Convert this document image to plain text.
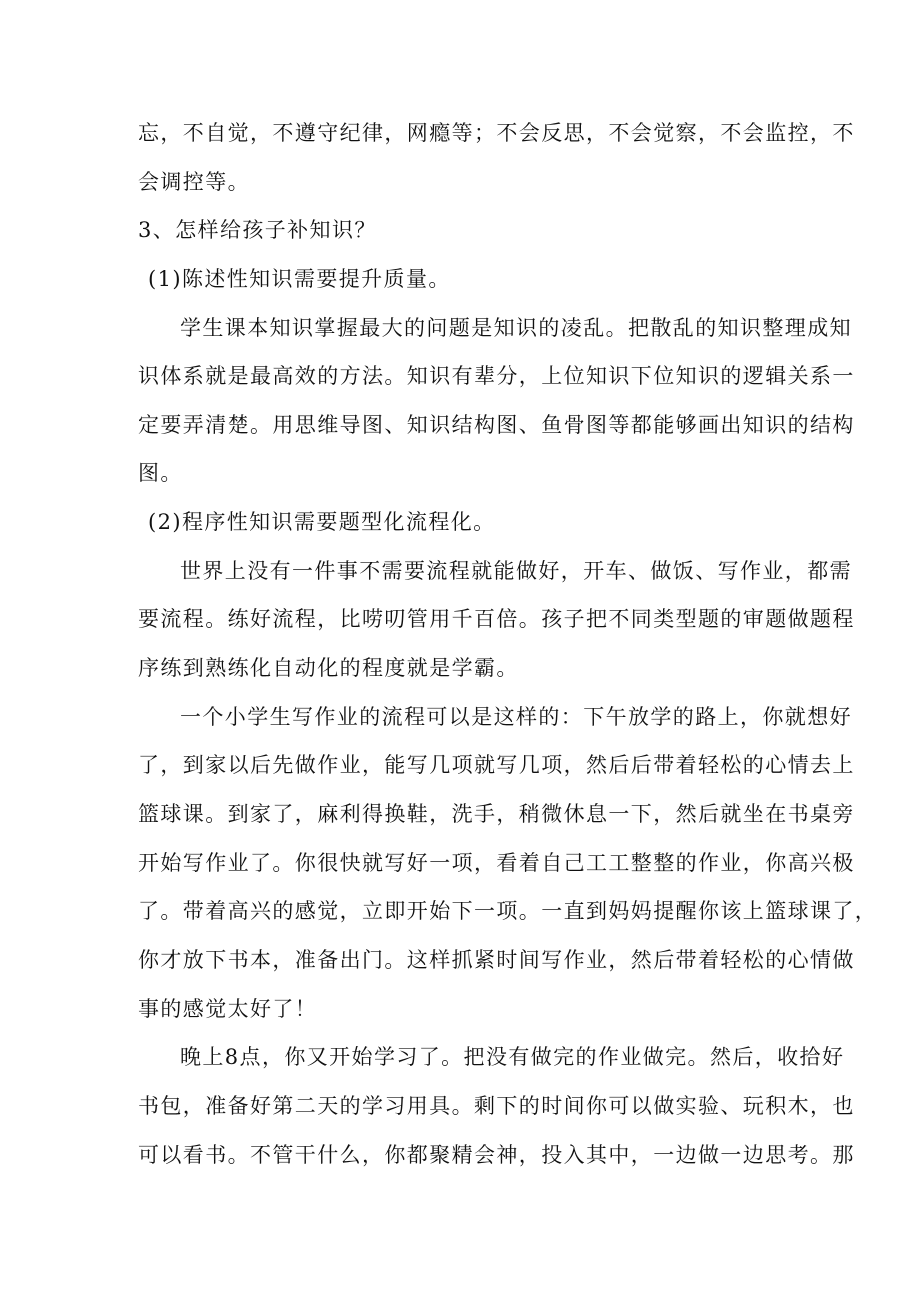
忘，不自觉，不遵守纪律，网瘾等；不会反思，不会觉察，不会监控，不
会调控等。
3、怎样给孩子补知识？
(1)陈述性知识需要提升质量。
学生课本知识掌握最大的问题是知识的凌乱。把散乱的知识整理成知
识体系就是最高效的方法。知识有辈分，上位知识下位知识的逻辑关系一
定要弄清楚。用思维导图、知识结构图、鱼骨图等都能够画出知识的结构
图。
(2)程序性知识需要题型化流程化。
世界上没有一件事不需要流程就能做好，开车、做饭、写作业，都需
要流程。练好流程，比唠叨管用千百倍。孩子把不同类型题的审题做题程
序练到熟练化自动化的程度就是学霸。
一个小学生写作业的流程可以是这样的：下午放学的路上，你就想好
了，到家以后先做作业，能写几项就写几项，然后后带着轻松的心情去上
篮球课。到家了，麻利得换鞋，洗手，稍微休息一下，然后就坐在书桌旁
开始写作业了。你很快就写好一项，看着自己工工整整的作业，你高兴极
了。带着高兴的感觉，立即开始下一项。一直到妈妈提醒你该上篮球课了，
你才放下书本，准备出门。这样抓紧时间写作业，然后带着轻松的心情做
事的感觉太好了！
晚上8点，你又开始学习了。把没有做完的作业做完。然后，收拾好
书包，准备好第二天的学习用具。剩下的时间你可以做实验、玩积木，也
可以看书。不管干什么，你都聚精会神，投入其中，一边做一边思考。那
